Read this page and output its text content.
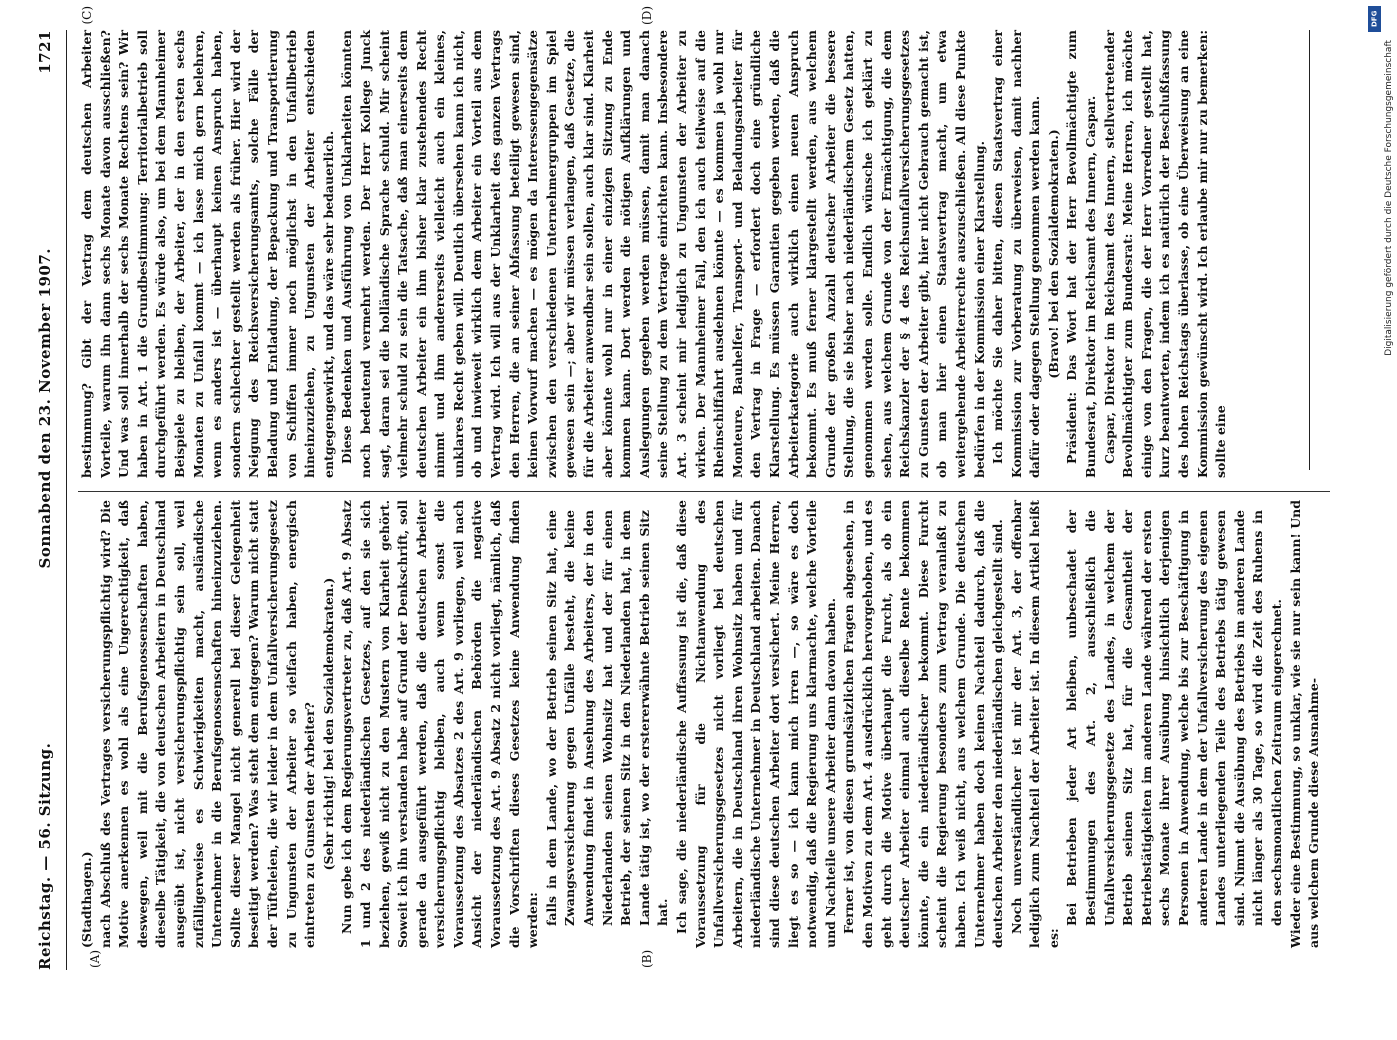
Reichstag. — 56. Sitzung.
Sonnabend den 23. November 1907.
1721
(A)	(B)
(C)	(D)

(Stadthagen.) nach Abschluß des Vertrages versicherungspflichtig wird? Die Motive anerkennen es wohl als eine Ungerechtigkeit, daß deswegen, weil mit die Berufsgenossenschaften haben, dieselbe Tätigkeit, die von deutschen Arbeitern in Deutschland ausgeübt ist, nicht versicherungspflichtig sein soll, weil zufälligerweise es Schwierigkeiten macht, ausländische Unternehmer in die Berufsgenossenschaften hineinzuziehen. Sollte dieser Mangel nicht generell bei dieser Gelegenheit beseitigt werden? Was steht dem entgegen? Warum nicht statt der Tüfteleien, die wir leider in dem Unfallversicherungsgesetz zu Ungunsten der Arbeiter so vielfach haben, energisch eintreten zu Gunsten der Arbeiter? (Sehr richtig! bei den Sozialdemokraten.) Nun gebe ich dem Regierungsvertreter zu, daß Art. 9 Absatz 1 und 2 des niederländischen Gesetzes, auf den sie sich beziehen, gewiß nicht zu den Mustern von Klarheit gehört. Soweit ich ihn verstanden habe auf Grund der Denkschrift, soll gerade da ausgeführt werden, daß die deutschen Arbeiter versicherungspflichtig bleiben, auch wenn sonst die Voraussetzung des Absatzes 2 des Art. 9 vorliegen, weil nach Ansicht der niederländischen Behörden die negative Voraussetzung des Art. 9 Absatz 2 nicht vorliegt, nämlich, daß die Vorschriften dieses Gesetzes keine Anwendung finden werden: falls in dem Lande, wo der Betrieb seinen Sitz hat, eine Zwangsversicherung gegen Unfälle besteht, die keine Anwendung findet in Ansehung des Arbeiters, der in den Niederlanden seinen Wohnsitz hat und der für einen Betrieb, der seinen Sitz in den Niederlanden hat, in dem Lande tätig ist, wo der erstererwähnte Betrieb seinen Sitz hat. Ich sage, die niederländische Auffassung ist die, daß diese Voraussetzung für die Nichtanwendung des Unfallversicherungsgesetzes nicht vorliegt bei deutschen Arbeitern, die in Deutschland ihren Wohnsitz haben und für niederländische Unternehmer in Deutschland arbeiten. Danach sind diese deutschen Arbeiter dort versichert. Meine Herren, liegt es so — ich kann mich irren —, so wäre es doch notwendig, daß die Regierung uns klarmachte, welche Vorteile und Nachteile unsere Arbeiter dann davon haben. Ferner ist, von diesen grundsätzlichen Fragen abgesehen, in den Motiven zu dem Art. 4 ausdrücklich hervorgehoben, und es geht durch die Motive überhaupt die Furcht, als ob ein deutscher Arbeiter einmal auch dieselbe Rente bekommen könnte, die ein niederländischer bekommt. Diese Furcht scheint die Regierung besonders zum Vertrag veranlaßt zu haben. Ich weiß nicht, aus welchem Grunde. Die deutschen Unternehmer haben doch keinen Nachteil dadurch, daß die deutschen Arbeiter den niederländischen gleichgestellt sind. Noch unverständlicher ist mir der Art. 3, der offenbar lediglich zum Nachteil der Arbeiter ist. In diesem Artikel heißt es:

Bei Betrieben jeder Art bleiben, unbeschadet der Bestimmungen des Art. 2, ausschließlich die Unfallversicherungsgesetze des Landes, in welchem der Betrieb seinen Sitz hat, für die Gesamtheit der Betriebstätigkeiten im anderen Lande während der ersten sechs Monate ihrer Ausübung hinsichtlich derjenigen Personen in Anwendung, welche bis zur Beschäftigung in anderen Lande in dem der Unfallversicherung des eigenen Landes unterliegenden Teile des Betriebs tätig gewesen sind. Nimmt die Ausübung des Betriebs im anderen Lande nicht länger als 30 Tage, so wird die Zeit des Ruhens in den sechsmonatlichen Zeitraum eingerechnet. Wieder eine Bestimmung, so unklar, wie sie nur sein kann! Und aus welchem Grunde diese Ausnahme-

bestimmung? Gibt der Vertrag dem deutschen Arbeiter Vorteile, warum ihn dann sechs Monate davon ausschließen? Und was soll innerhalb der sechs Monate Rechtens sein? Wir haben in Art. 1 die Grundbestimmung: Territorialbetrieb soll durchgeführt werden. Es würde also, um bei dem Mannheimer Beispiele zu bleiben, der Arbeiter, der in den ersten sechs Monaten zu Unfall kommt — ich lasse mich gern belehren, wenn es anders ist — überhaupt keinen Anspruch haben, sondern schlechter gestellt werden als früher. Hier wird der Neigung des Reichsversicherungsamts, solche Fälle der Beladung und Entladung, der Bepackung und Transportierung von Schiffen immer noch möglichst in den Unfallbetrieb hineinzuziehen, zu Ungunsten der Arbeiter entschieden entgegengewirkt, und das wäre sehr bedauerlich. Diese Bedenken und Ausführung von Unklarheiten könnten noch bedeutend vermehrt werden. Der Herr Kollege Junck sagt, daran sei die holländische Sprache schuld. Mir scheint vielmehr schuld zu sein die Tatsache, daß man einerseits dem deutschen Arbeiter ein ihm bisher klar zustehendes Recht nimmt und ihm andererseits vielleicht auch ein kleines, unklares Recht geben will. Deutlich übersehen kann ich nicht, ob und inwieweit wirklich dem Arbeiter ein Vorteil aus dem Vertrag wird. Ich will aus der Unklarheit des ganzen Vertrags den Herren, die an seiner Abfassung beteiligt gewesen sind, keinen Vorwurf machen — es mögen da Interessengegensätze zwischen den verschiedenen Unternehmergruppen im Spiel gewesen sein —; aber wir müssen verlangen, daß Gesetze, die für die Arbeiter anwendbar sein sollen, auch klar sind. Klarheit aber könnte wohl nur in einer einzigen Sitzung zu Ende kommen kann. Dort werden die nötigen Aufklärungen und Auslegungen gegeben werden müssen, damit man danach seine Stellung zu dem Vertrage einrichten kann. Insbesondere Art. 3 scheint mir lediglich zu Ungunsten der Arbeiter zu wirken. Der Mannheimer Fall, den ich auch teilweise auf die Rheinschiffahrt ausdehnen könnte — es kommen ja wohl nur Monteure, Bauhelfer, Transport- und Beladungsarbeiter für den Vertrag in Frage — erfordert doch eine gründliche Klarstellung. Es müssen Garantien gegeben werden, daß die Arbeiterkategorie auch wirklich einen neuen Anspruch bekommt. Es muß ferner klargestellt werden, aus welchem Grunde der großen Anzahl deutscher Arbeiter die bessere Stellung, die sie bisher nach niederländischem Gesetz hatten, genommen werden solle. Endlich wünsche ich geklärt zu sehen, aus welchem Grunde von der Ermächtigung, die dem Reichskanzler der § 4 des Reichsunfallversicherungsgesetzes zu Gunsten der Arbeiter gibt, hier nicht Gebrauch gemacht ist, ob man hier einen Staatsvertrag macht, um etwa weitergehende Arbeiterrechte auszuschließen. All diese Punkte bedürfen in der Kommission einer Klarstellung. Ich möchte Sie daher bitten, diesen Staatsvertrag einer Kommission zur Vorberatung zu überweisen, damit nachher dafür oder dagegen Stellung genommen werden kann. (Bravo! bei den Sozialdemokraten.) Präsident: Das Wort hat der Herr Bevollmächtigte zum Bundesrat, Direktor im Reichsamt des Innern, Caspar. Caspar, Direktor im Reichsamt des Innern, stellvertretender Bevollmächtigter zum Bundesrat: Meine Herren, ich möchte einige von den Fragen, die der Herr Vorredner gestellt hat, kurz beantworten, indem ich es natürlich der Beschlußfassung des hohen Reichstags überlasse, ob eine Überweisung an eine Kommission gewünscht wird. Ich erlaube mir nur zu bemerken: sollte eine

DFG
Digitalisierung gefördert durch die Deutsche Forschungsgemeinschaft
